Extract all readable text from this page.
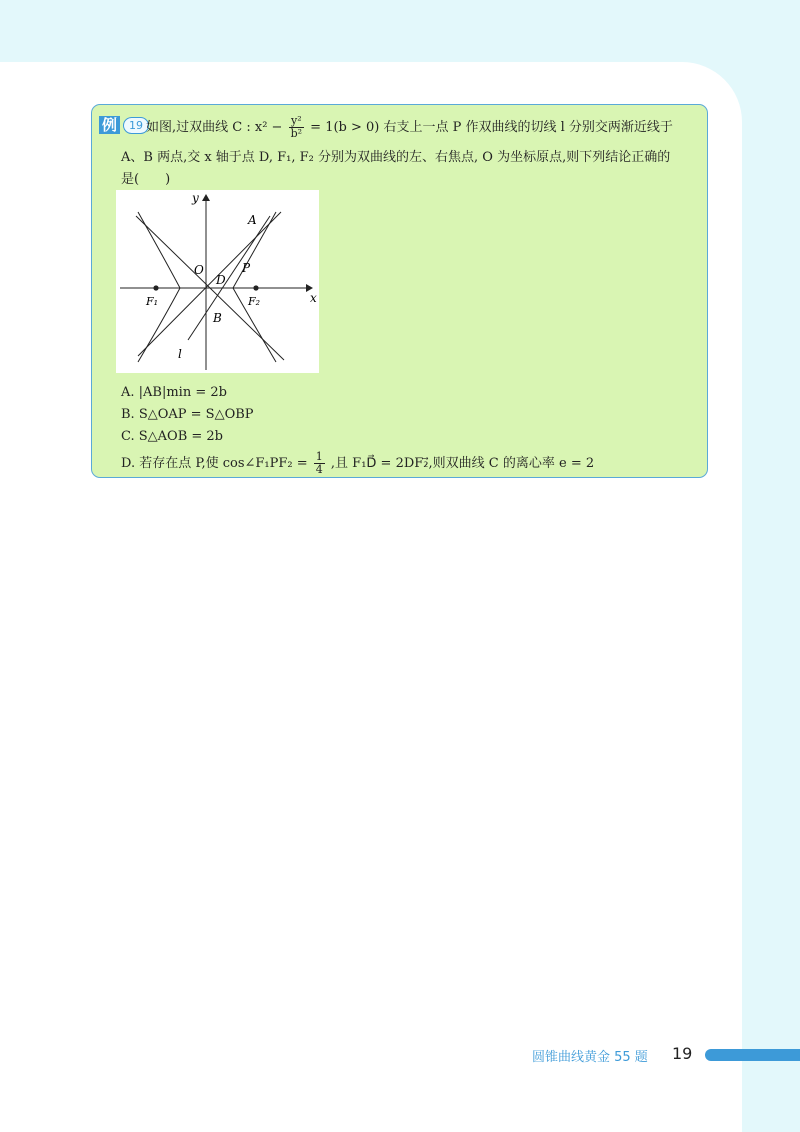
例	19 如图,过双曲线 C : $x^2 - \frac{\text{y²}}{\text{b²}} = 1(b > 0)$ 右支上一点 P 作双曲线的切线 l 分别交两渐近线于
A、B 两点,交 x 轴于点 D, F₁, F₂ 分别为双曲线的左、右焦点, O 为坐标原点,则下列结论正确的
是(　　)
y
x
O
A
P
D
B
F₁	F₂
l
A. |AB|min = 2b
B. S△OAP = S△OBP
C. S△AOB = 2b
D. 若存在点 P,使 cos∠F₁PF₂ = $\frac{1}{4}$ ,且 F₁D⃗ = 2DF₂⃗,则双曲线 C 的离心率 e = 2
圆锥曲线黄金 55 题 19
